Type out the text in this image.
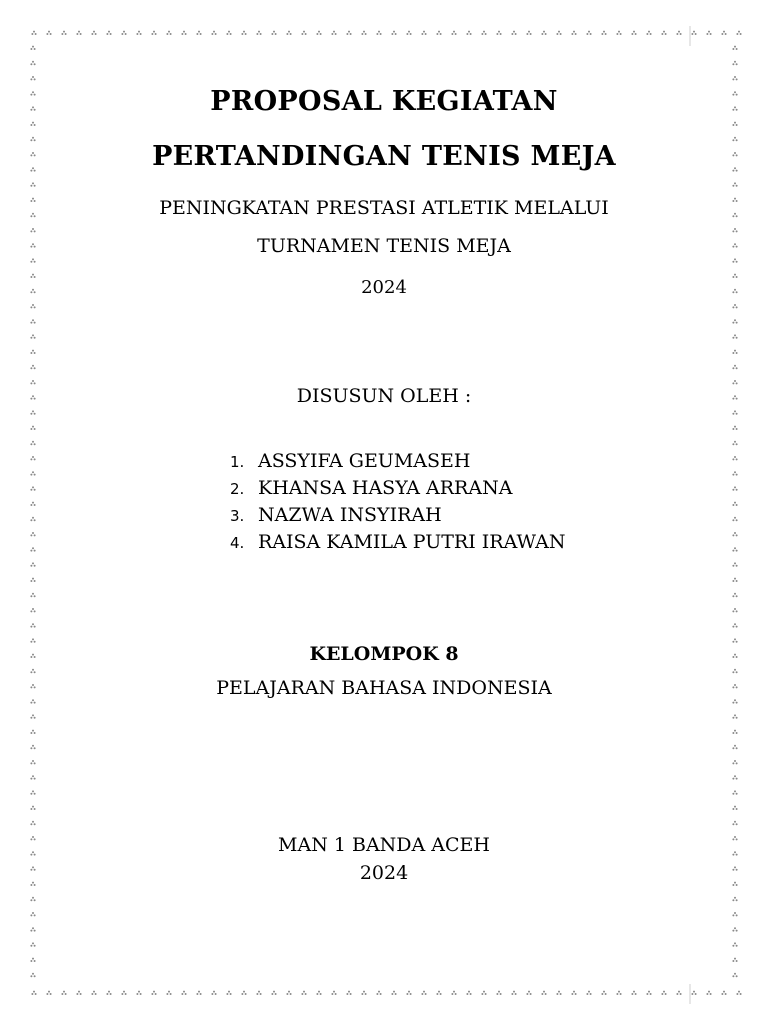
PROPOSAL KEGIATAN
PERTANDINGAN TENIS MEJA
PENINGKATAN PRESTASI ATLETIK MELALUI
TURNAMEN TENIS MEJA
2024
DISUSUN OLEH :
1. ASSYIFA GEUMASEH
2. KHANSA HASYA ARRANA
3. NAZWA INSYIRAH
4. RAISA KAMILA PUTRI IRAWAN
KELOMPOK 8
PELAJARAN BAHASA INDONESIA
MAN 1 BANDA ACEH
2024
